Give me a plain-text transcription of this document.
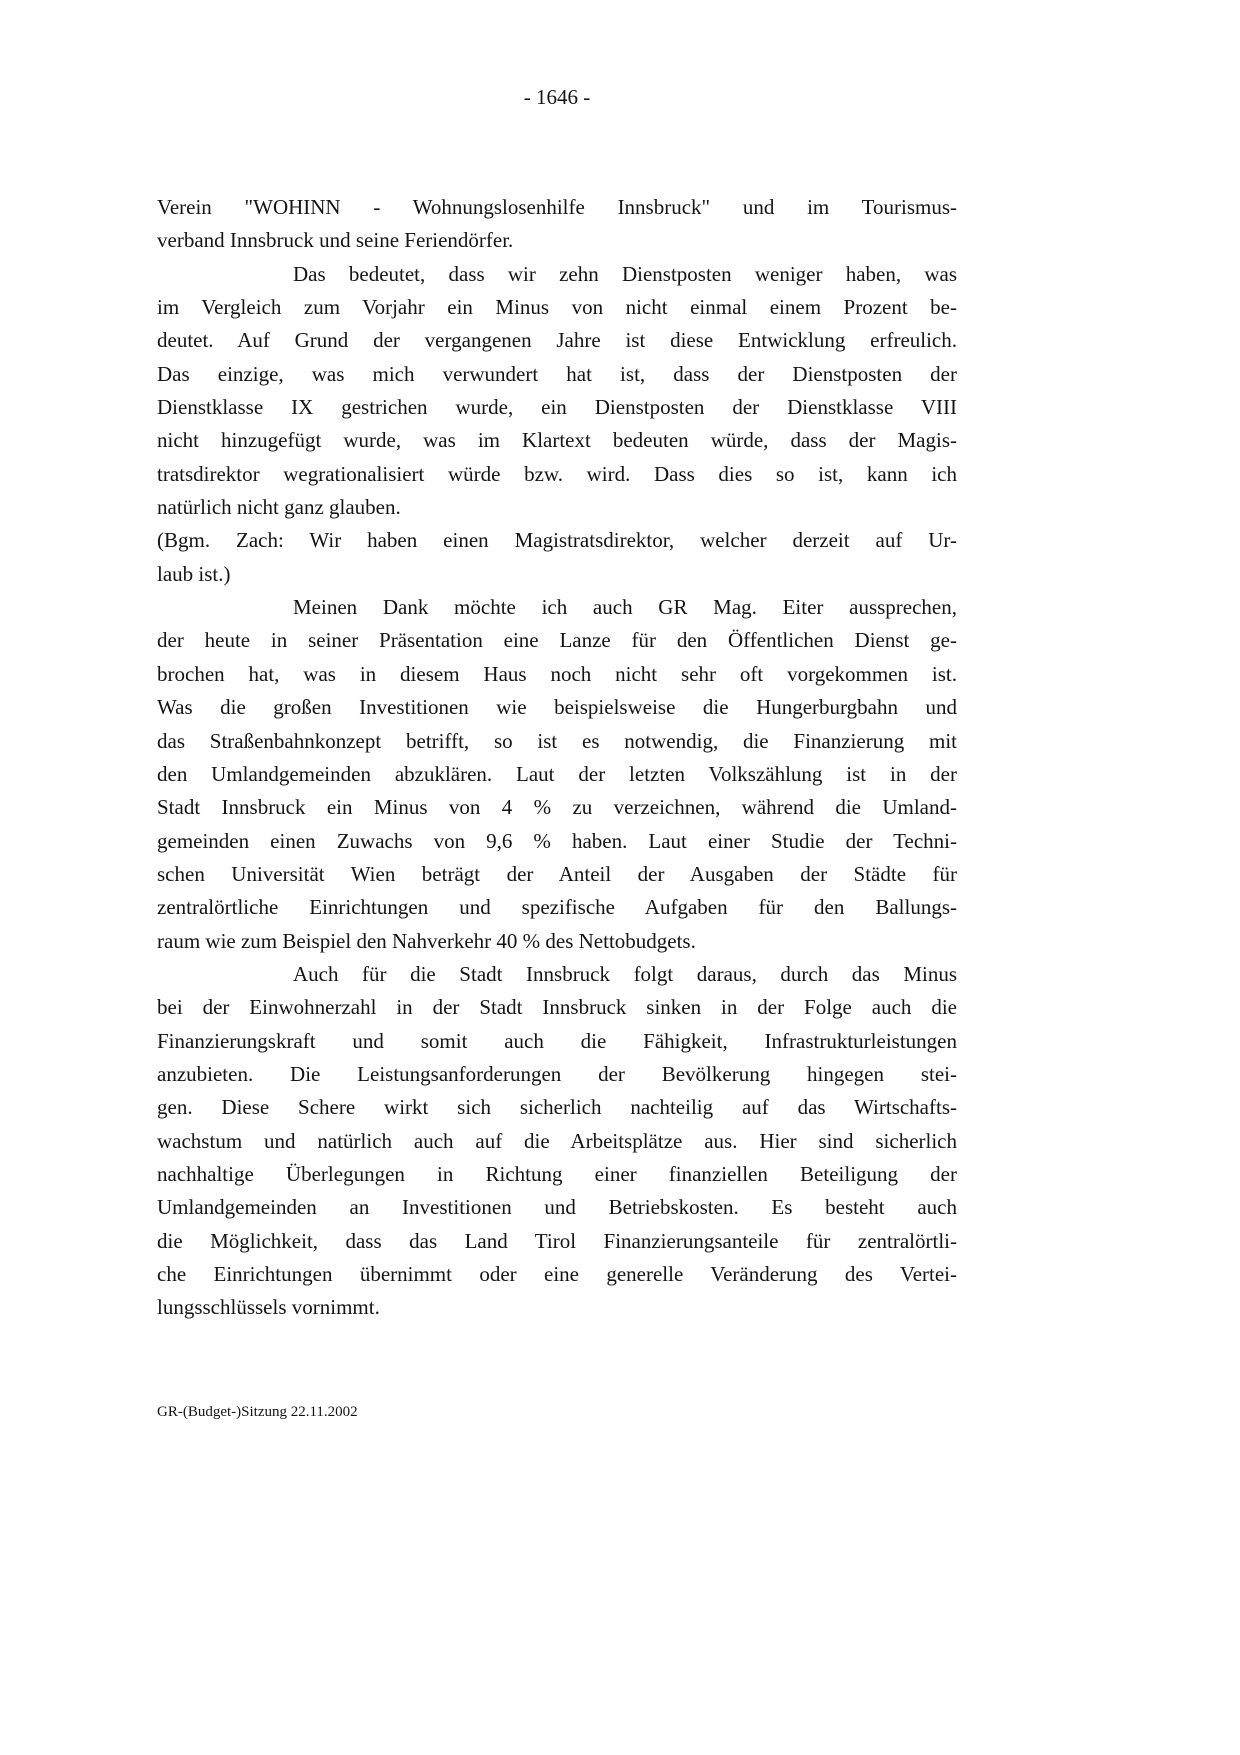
- 1646 -
Verein "WOHINN - Wohnungslosenhilfe Innsbruck" und im Tourismus-
verband Innsbruck und seine Feriendörfer.
Das bedeutet, dass wir zehn Dienstposten weniger haben, was
im Vergleich zum Vorjahr ein Minus von nicht einmal einem Prozent be-
deutet. Auf Grund der vergangenen Jahre ist diese Entwicklung erfreulich.
Das einzige, was mich verwundert hat ist, dass der Dienstposten der
Dienstklasse IX gestrichen wurde, ein Dienstposten der Dienstklasse VIII
nicht hinzugefügt wurde, was im Klartext bedeuten würde, dass der Magis-
tratsdirektor wegrationalisiert würde bzw. wird. Dass dies so ist, kann ich
natürlich nicht ganz glauben.
(Bgm. Zach: Wir haben einen Magistratsdirektor, welcher derzeit auf Ur-
laub ist.)
Meinen Dank möchte ich auch GR Mag. Eiter aussprechen,
der heute in seiner Präsentation eine Lanze für den Öffentlichen Dienst ge-
brochen hat, was in diesem Haus noch nicht sehr oft vorgekommen ist.
Was die großen Investitionen wie beispielsweise die Hungerburgbahn und
das Straßenbahnkonzept betrifft, so ist es notwendig, die Finanzierung mit
den Umlandgemeinden abzuklären. Laut der letzten Volkszählung ist in der
Stadt Innsbruck ein Minus von 4 % zu verzeichnen, während die Umland-
gemeinden einen Zuwachs von 9,6 % haben. Laut einer Studie der Techni-
schen Universität Wien beträgt der Anteil der Ausgaben der Städte für
zentralörtliche Einrichtungen und spezifische Aufgaben für den Ballungs-
raum wie zum Beispiel den Nahverkehr 40 % des Nettobudgets.
Auch für die Stadt Innsbruck folgt daraus, durch das Minus
bei der Einwohnerzahl in der Stadt Innsbruck sinken in der Folge auch die
Finanzierungskraft und somit auch die Fähigkeit, Infrastrukturleistungen
anzubieten. Die Leistungsanforderungen der Bevölkerung hingegen stei-
gen. Diese Schere wirkt sich sicherlich nachteilig auf das Wirtschafts-
wachstum und natürlich auch auf die Arbeitsplätze aus. Hier sind sicherlich
nachhaltige Überlegungen in Richtung einer finanziellen Beteiligung der
Umlandgemeinden an Investitionen und Betriebskosten. Es besteht auch
die Möglichkeit, dass das Land Tirol Finanzierungsanteile für zentralörtli-
che Einrichtungen übernimmt oder eine generelle Veränderung des Vertei-
lungsschlüssels vornimmt.
GR-(Budget-)Sitzung 22.11.2002
